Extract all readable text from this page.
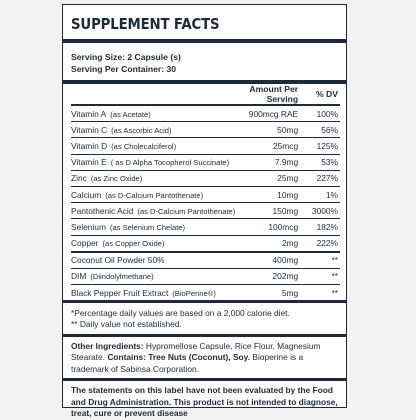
SUPPLEMENT FACTS
Serving Size: 2 Capsule (s)
Serving Per Container: 30
	Amount Per Serving	% DV
Vitamin A (as Acetate)	900mcg RAE	100%
Vitamin C (as Ascorbic Acid)	50mg	56%
Vitamin D (as Cholecalciferol)	25mcg	125%
Vitamin E ( as D Alpha Tocopherol Succinate)	7.9mg	53%
Zinc (as Zinc Oxide)	25mg	227%
Calcium (as D-Calcium Pantothenate)	10mg	1%
Pantothenic Acid (as D-Calcium Pantothenate)	150mg	3000%
Selenium (as Selenium Chelate)	100mcg	182%
Copper (as Copper Oxide)	2mg	222%
Coconut Oil Powder 50%	400mg	**
DIM (Diindolylmethane)	202mg	**
Black Pepper Fruit Extract (BioPerine®)	5mg	**
*Percentage daily values are based on a 2,000 calorie diet.
** Daily value not established.
Other Ingredients: Hypromellose Capsule, Rice Flour, Magnesium Stearate. Contains: Tree Nuts (Coconut), Soy. Bioperine is a trademark of Sabinsa Corporation.
The statements on this label have not been evaluated by the Food and Drug Administration. This product is not intended to diagnose, treat, cure or prevent disease
